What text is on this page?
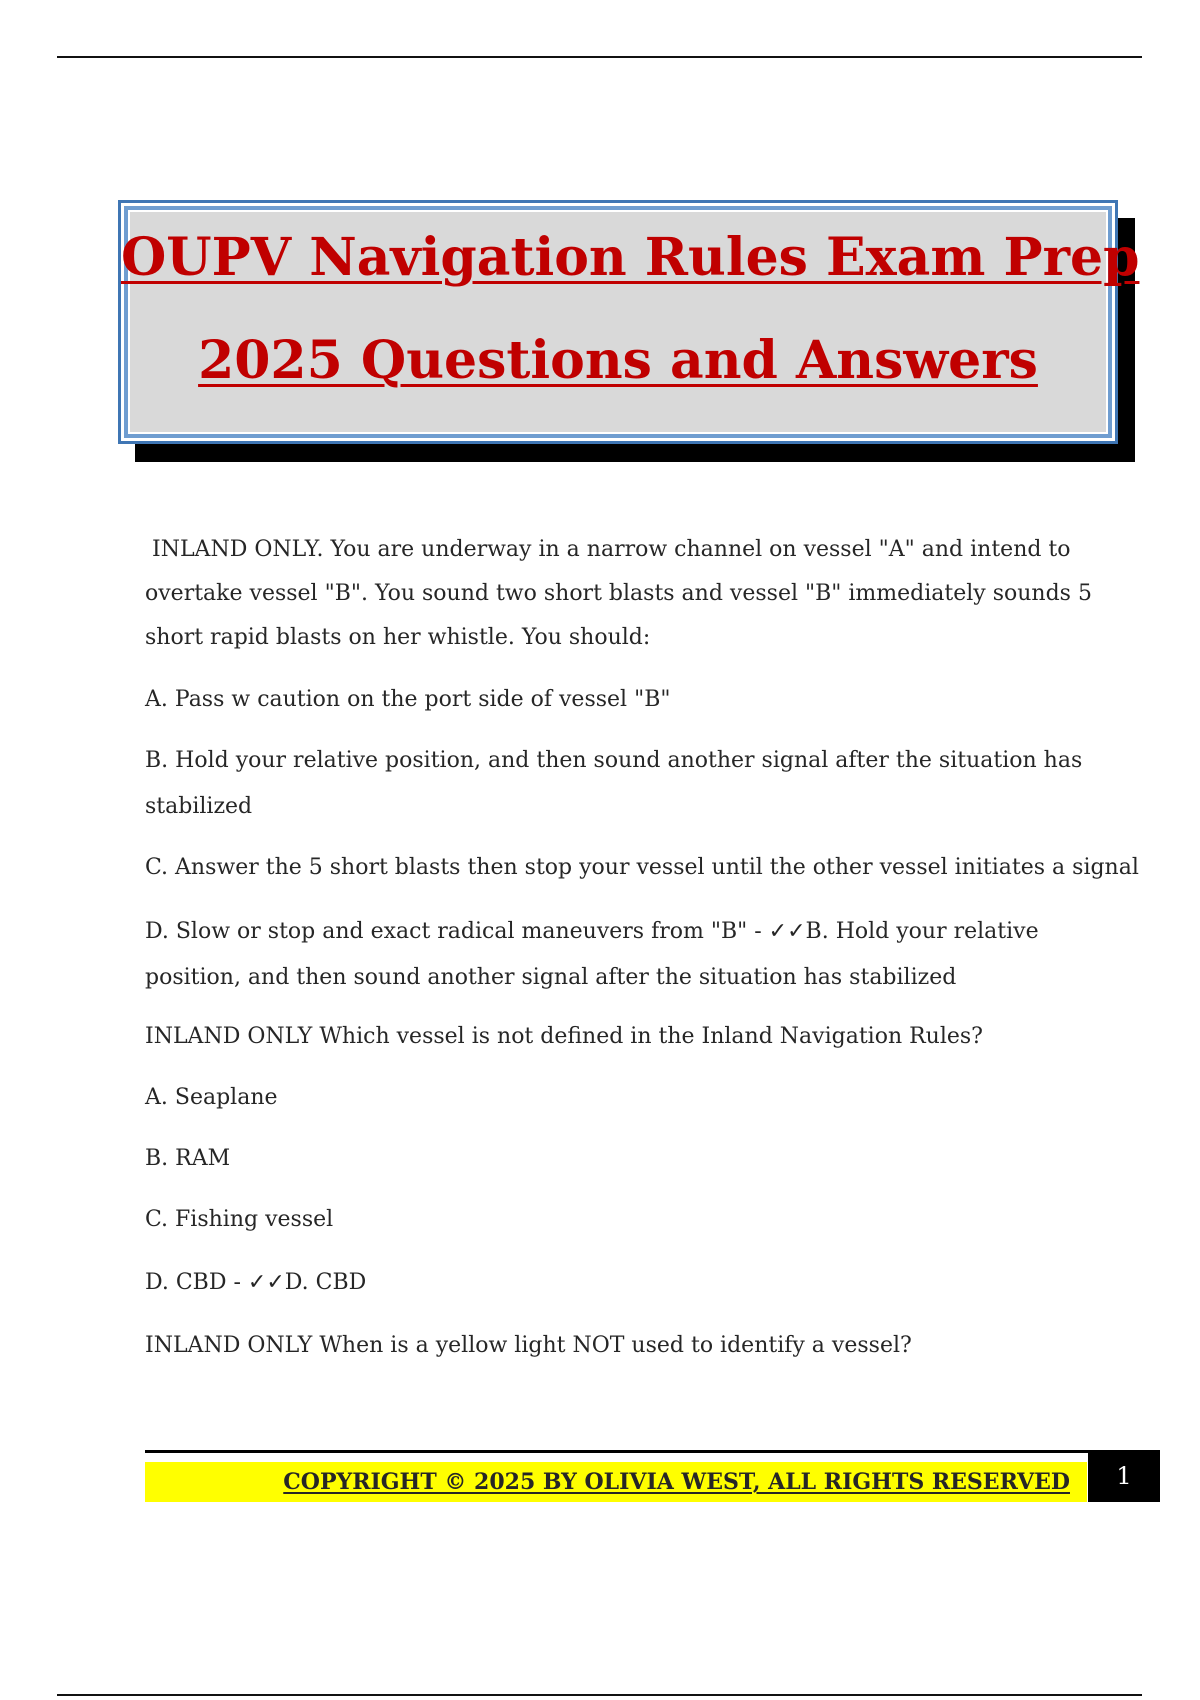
OUPV Navigation Rules Exam Prep
2025 Questions and Answers

INLAND ONLY. You are underway in a narrow channel on vessel "A" and intend to

overtake vessel "B". You sound two short blasts and vessel "B" immediately sounds 5

short rapid blasts on her whistle. You should:

A. Pass w caution on the port side of vessel "B"

B. Hold your relative position, and then sound another signal after the situation has

stabilized

C. Answer the 5 short blasts then stop your vessel until the other vessel initiates a signal

D. Slow or stop and exact radical maneuvers from "B" - ✓✓B. Hold your relative

position, and then sound another signal after the situation has stabilized

INLAND ONLY Which vessel is not defined in the Inland Navigation Rules?

A. Seaplane

B. RAM

C. Fishing vessel

D. CBD - ✓✓D. CBD

INLAND ONLY When is a yellow light NOT used to identify a vessel?

COPYRIGHT © 2025 BY OLIVIA WEST, ALL RIGHTS RESERVED	1
